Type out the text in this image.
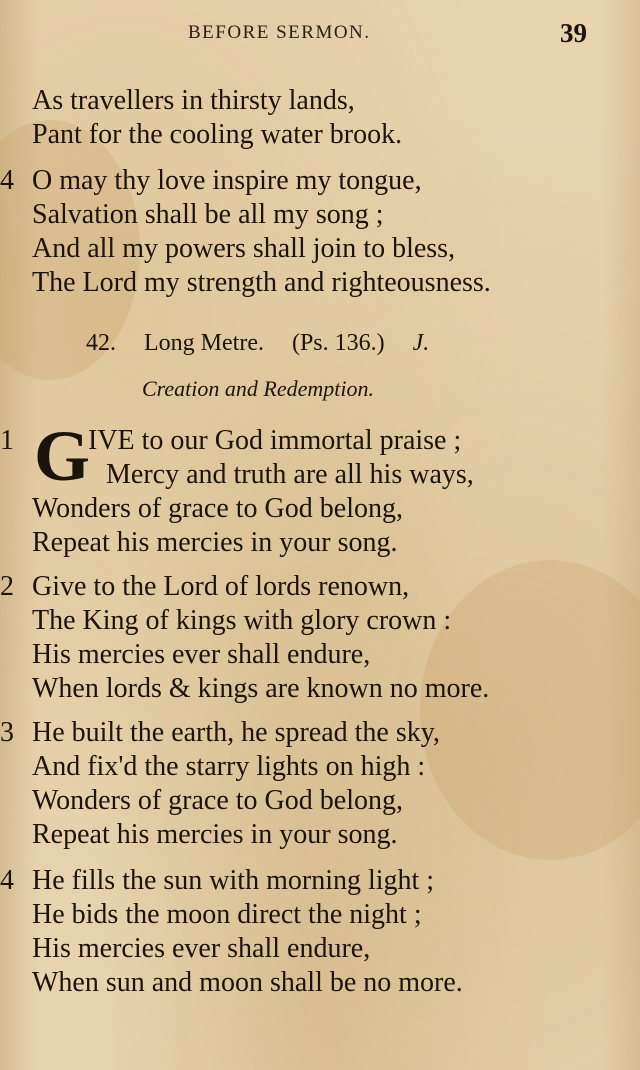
BEFORE SERMON.	39
As travellers in thirsty lands,
Pant for the cooling water brook.
4 O may thy love inspire my tongue,
Salvation shall be all my song ;
And all my powers shall join to bless,
The Lord my strength and righteousness.
42. Long Metre. (Ps. 136.) J.
Creation and Redemption.
1 G
IVE to our God immortal praise ;
Mercy and truth are all his ways,
Wonders of grace to God belong,
Repeat his mercies in your song.
2 Give to the Lord of lords renown,
The King of kings with glory crown :
His mercies ever shall endure,
When lords & kings are known no more.
3 He built the earth, he spread the sky,
And fix'd the starry lights on high :
Wonders of grace to God belong,
Repeat his mercies in your song.
4 He fills the sun with morning light ;
He bids the moon direct the night ;
His mercies ever shall endure,
When sun and moon shall be no more.
